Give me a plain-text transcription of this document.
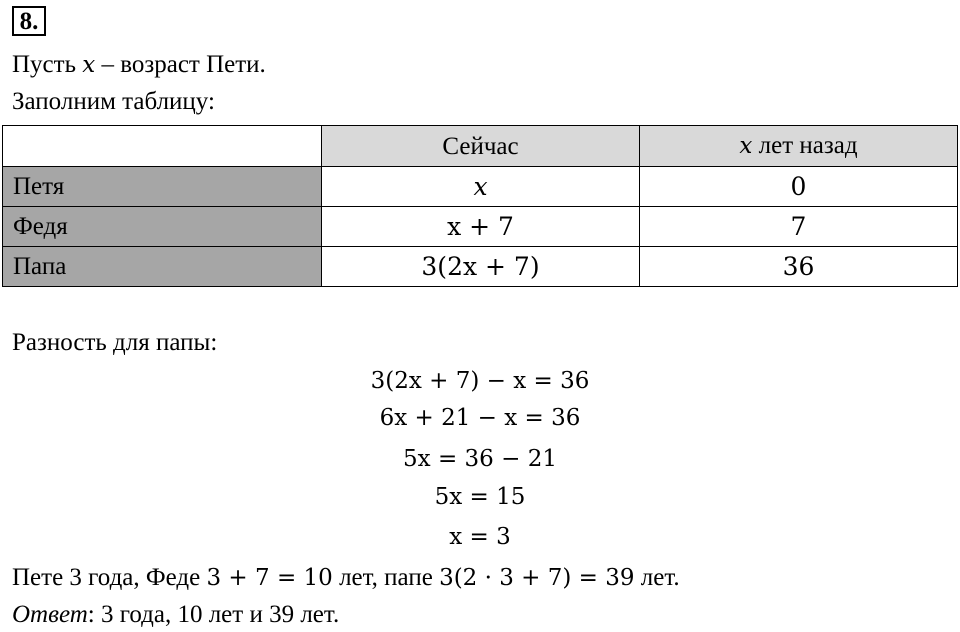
8.
Пусть x – возраст Пети.
Заполним таблицу:
	Сейчас	x лет назад
Петя	x	0
Федя	x + 7	7
Папа	3(2x + 7)	36
Разность для папы:
3(2x + 7) − x = 36
6x + 21 − x = 36
5x = 36 − 21
5x = 15
x = 3
Пете 3 года, Феде 3 + 7 = 10 лет, папе 3(2 · 3 + 7) = 39 лет.
Ответ: 3 года, 10 лет и 39 лет.
